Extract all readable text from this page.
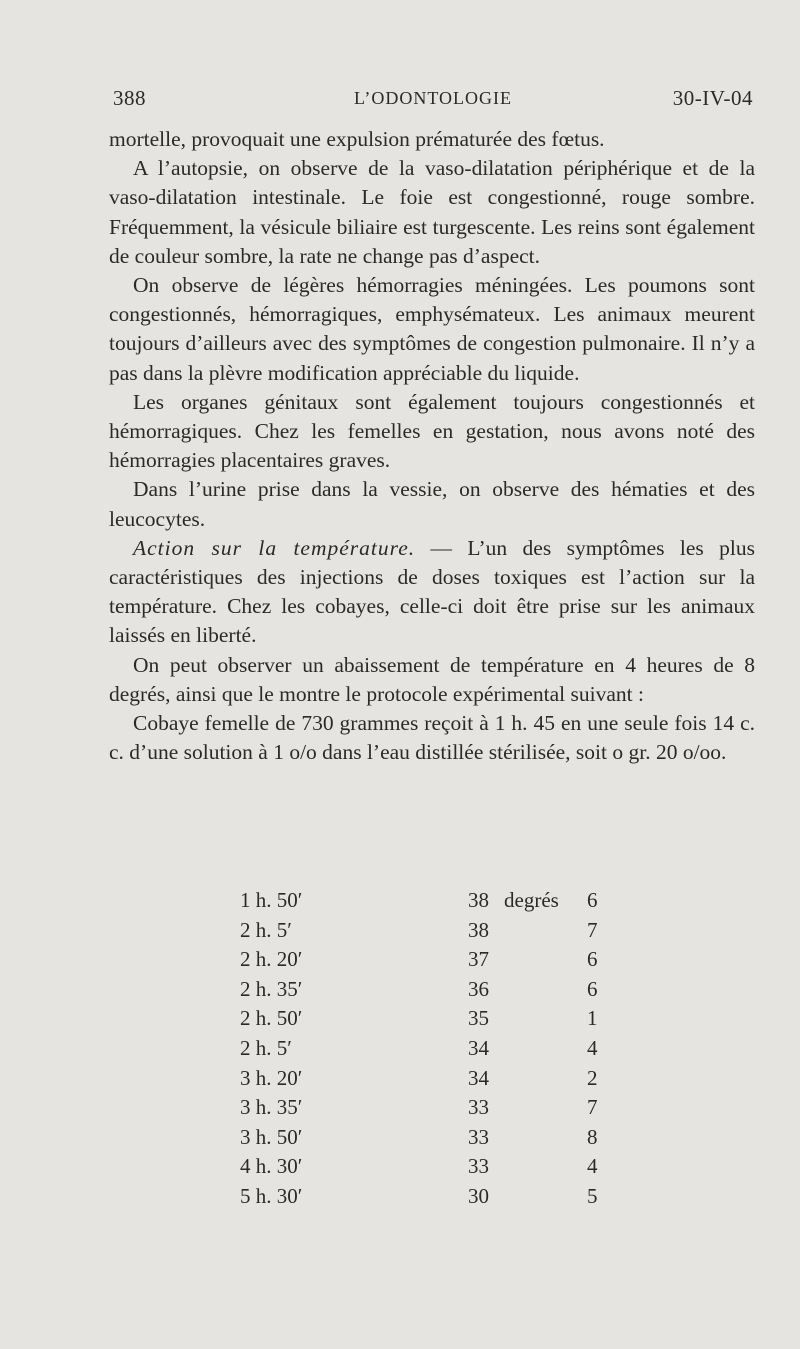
388	L’ODONTOLOGIE	30-IV-04

mortelle, provoquait une expulsion prématurée des fœtus.

A l’autopsie, on observe de la vaso-dilatation périphérique et de la vaso-dilatation intestinale. Le foie est congestionné, rouge sombre. Fréquemment, la vésicule biliaire est turgescente. Les reins sont également de couleur sombre, la rate ne change pas d’aspect.

On observe de légères hémorragies méningées. Les poumons sont congestionnés, hémorragiques, emphysémateux. Les animaux meurent toujours d’ailleurs avec des symptômes de congestion pulmonaire. Il n’y a pas dans la plèvre modification appréciable du liquide.

Les organes génitaux sont également toujours congestionnés et hémorragiques. Chez les femelles en gestation, nous avons noté des hémorragies placentaires graves.

Dans l’urine prise dans la vessie, on observe des hématies et des leucocytes.

Action sur la température. — L’un des symptômes les plus caractéristiques des injections de doses toxiques est l’action sur la température. Chez les cobayes, celle-ci doit être prise sur les animaux laissés en liberté.

On peut observer un abaissement de température en 4 heures de 8 degrés, ainsi que le montre le protocole expérimental suivant :

Cobaye femelle de 730 grammes reçoit à 1 h. 45 en une seule fois 14 c. c. d’une solution à 1 o/o dans l’eau distillée stérilisée, soit o gr. 20 o/oo.

1 h. 50′	38 degrés 6
2 h. 5′	38	7
2 h. 20′	37	6
2 h. 35′	36	6
2 h. 50′	35	1
2 h. 5′	34	4
3 h. 20′	34	2
3 h. 35′	33	7
3 h. 50′	33	8
4 h. 30′	33	4
5 h. 30′	30	5
